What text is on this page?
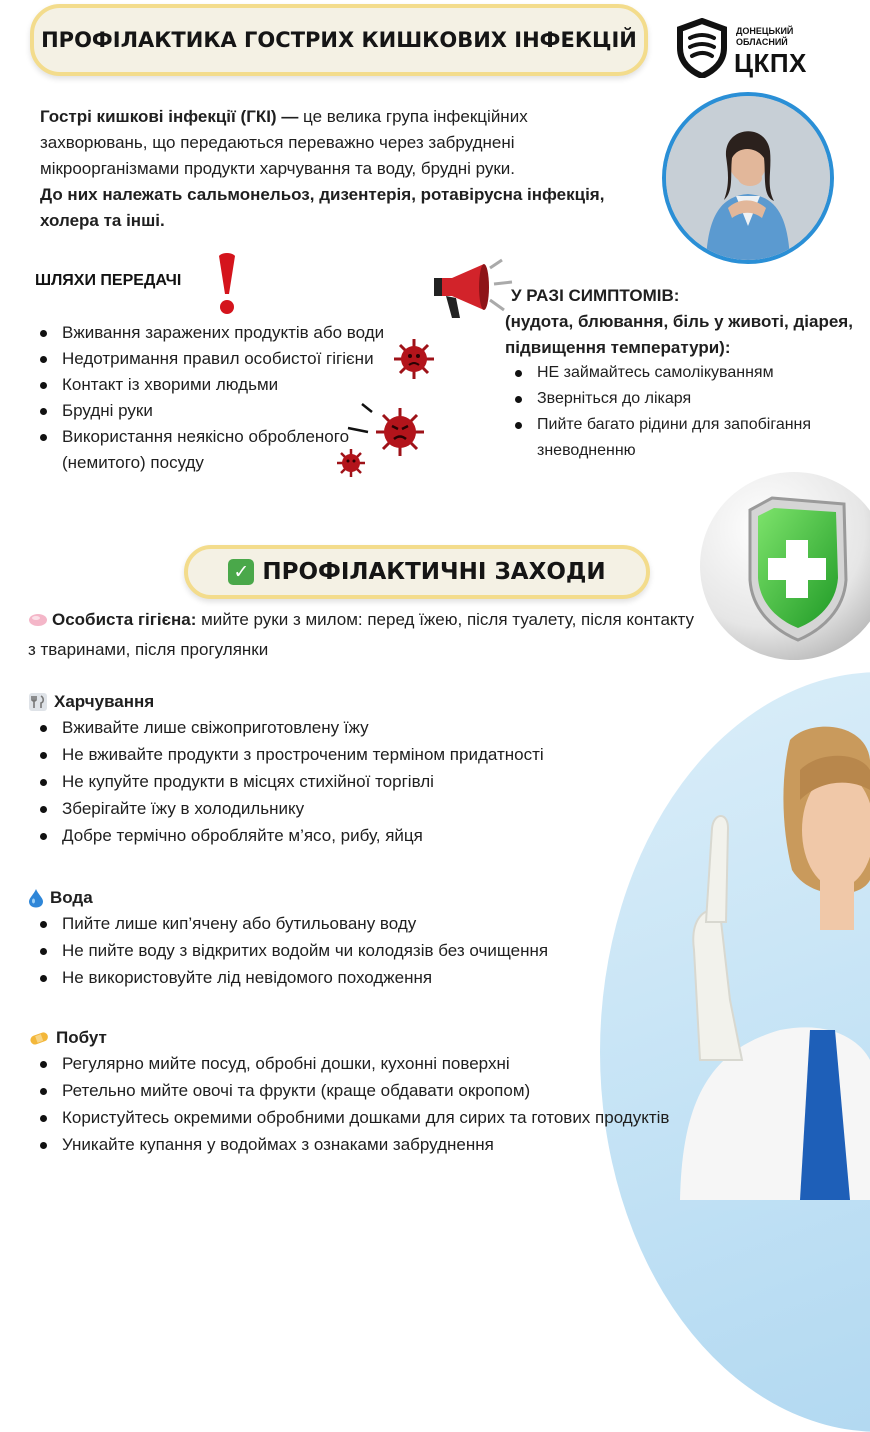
ПРОФІЛАКТИКА ГОСТРИХ КИШКОВИХ ІНФЕКЦІЙ	ДОНЕЦЬКИЙ
ОБЛАСНИЙ
ЦКПХ
Гострі кишкові інфекції (ГКІ) — це велика група інфекційних захворювань, що передаються переважно через забруднені мікроорганізмами продукти харчування та воду, брудні руки.
До них належать сальмонельоз, дизентерія, ротавірусна інфекція, холера та інші.
ШЛЯХИ ПЕРЕДАЧІ
Вживання заражених продуктів або води
Недотримання правил особистої гігієни
Контакт із хворими людьми
Брудні руки
Використання неякісно обробленого (немитого) посуду
У РАЗІ СИМПТОМІВ:
(нудота, блювання, біль у животі, діарея, підвищення температури):
НЕ займайтесь самолікуванням
Зверніться до лікаря
Пийте багато рідини для запобігання зневодненню
✓ ПРОФІЛАКТИЧНІ ЗАХОДИ
Особиста гігієна: мийте руки з милом: перед їжею, після туалету, після контакту з тваринами, після прогулянки
Харчування
Вживайте лише свіжоприготовлену їжу
Не вживайте продукти з простроченим терміном придатності
Не купуйте продукти в місцях стихійної торгівлі
Зберігайте їжу в холодильнику
Добре термічно обробляйте м’ясо, рибу, яйця
Вода
Пийте лише кип’ячену або бутильовану воду
Не пийте воду з відкритих водойм чи колодязів без очищення
Не використовуйте лід невідомого походження
Побут
Регулярно мийте посуд, обробні дошки, кухонні поверхні
Ретельно мийте овочі та фрукти (краще обдавати окропом)
Користуйтесь окремими обробними дошками для сирих та готових продуктів
Уникайте купання у водоймах з ознаками забруднення
